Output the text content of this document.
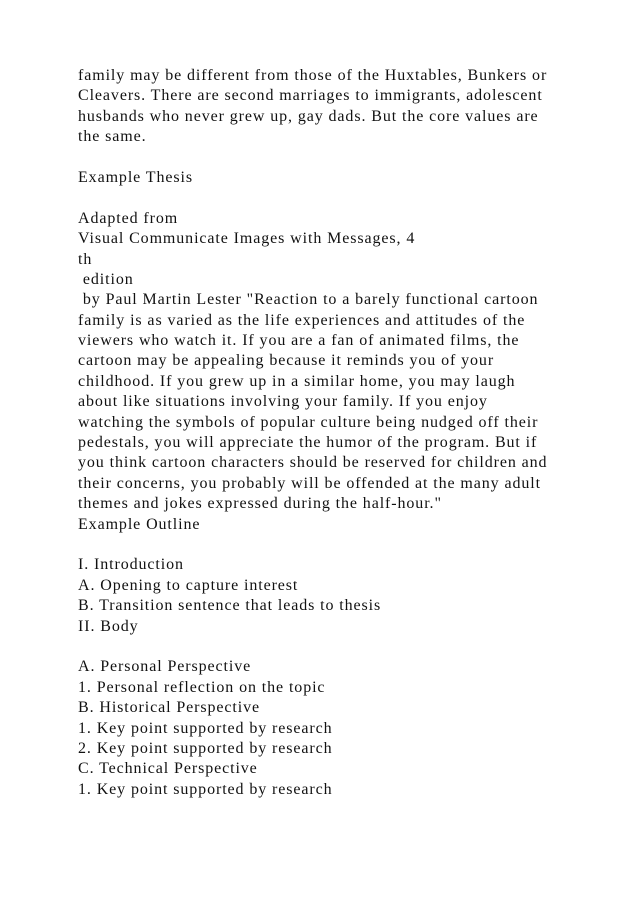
family may be different from those of the Huxtables, Bunkers or
Cleavers. There are second marriages to immigrants, adolescent
husbands who never grew up, gay dads. But the core values are
the same.
Example Thesis
Adapted from
Visual Communicate Images with Messages, 4
th
edition
by Paul Martin Lester "Reaction to a barely functional cartoon
family is as varied as the life experiences and attitudes of the
viewers who watch it. If you are a fan of animated films, the
cartoon may be appealing because it reminds you of your
childhood. If you grew up in a similar home, you may laugh
about like situations involving your family. If you enjoy
watching the symbols of popular culture being nudged off their
pedestals, you will appreciate the humor of the program. But if
you think cartoon characters should be reserved for children and
their concerns, you probably will be offended at the many adult
themes and jokes expressed during the half-hour."
Example Outline
I. Introduction
A. Opening to capture interest
B. Transition sentence that leads to thesis
II. Body
A. Personal Perspective
1. Personal reflection on the topic
B. Historical Perspective
1. Key point supported by research
2. Key point supported by research
C. Technical Perspective
1. Key point supported by research
